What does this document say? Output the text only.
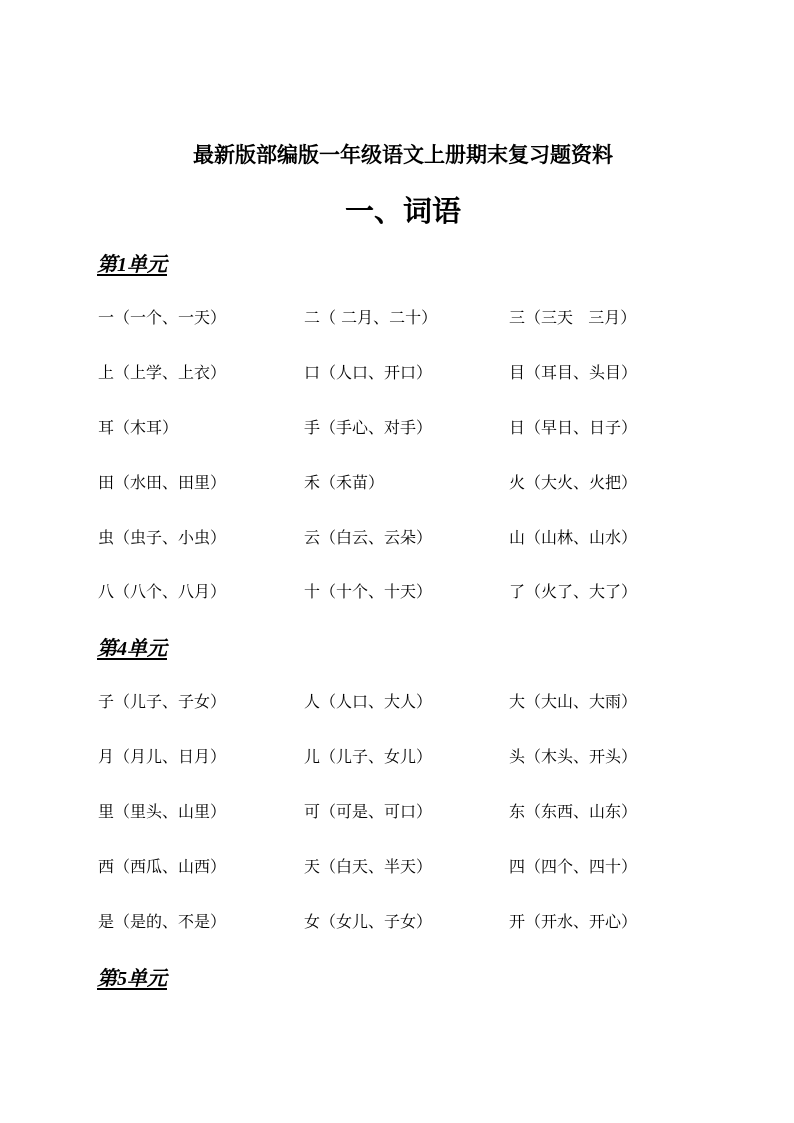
最新版部编版一年级语文上册期末复习题资料
一、词语
第1单元
一（一个、一天）	二（ 二月、二十）	三（三天   三月）
上（上学、上衣）	口（人口、开口）	目（耳目、头目）
耳（木耳）	手（手心、对手）	日（早日、日子）
田（水田、田里）	禾（禾苗）	火（大火、火把）
虫（虫子、小虫）	云（白云、云朵）	山（山林、山水）
八（八个、八月）	十（十个、十天）	了（火了、大了）
第4单元
子（儿子、子女）	人（人口、大人）	大（大山、大雨）
月（月儿、日月）	儿（儿子、女儿）	头（木头、开头）
里（里头、山里）	可（可是、可口）	东（东西、山东）
西（西瓜、山西）	天（白天、半天）	四（四个、四十）
是（是的、不是）	女（女儿、子女）	开（开水、开心）
第5单元
